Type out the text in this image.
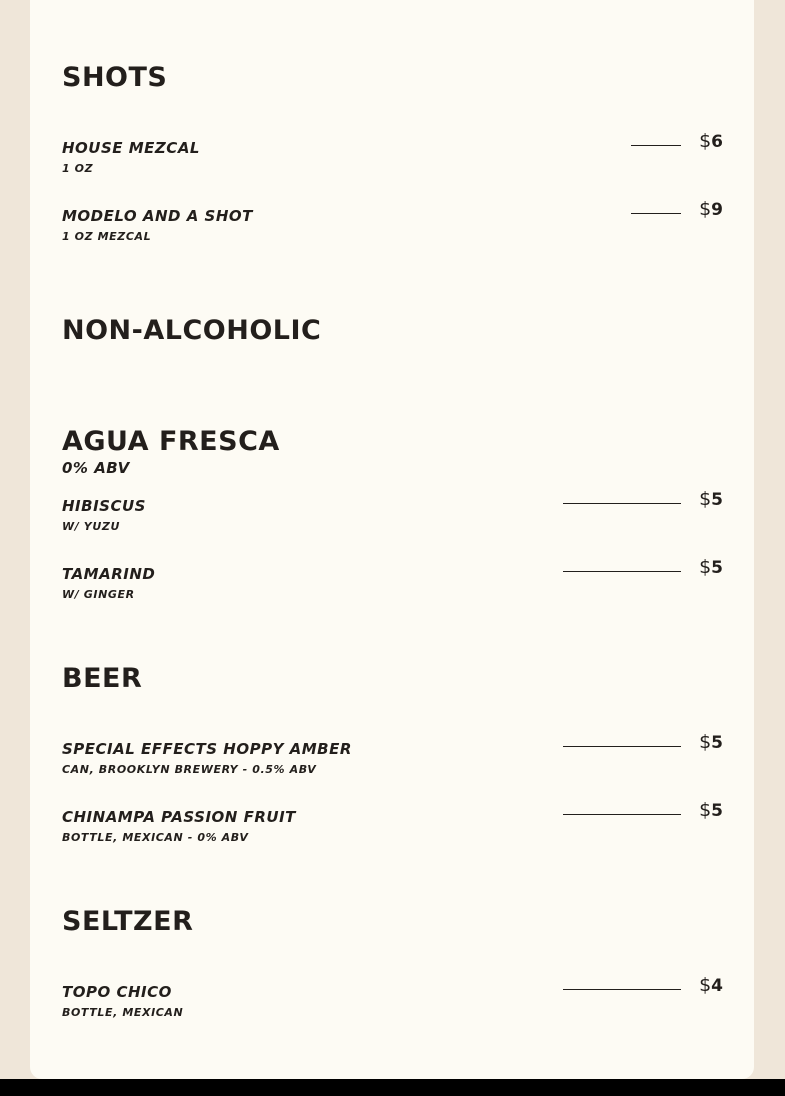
SHOTS
HOUSE MEZCAL
1 OZ
$6
MODELO AND A SHOT
1 OZ MEZCAL
$9
NON-ALCOHOLIC
AGUA FRESCA
0% ABV
HIBISCUS
W/ YUZU
$5
TAMARIND
W/ GINGER
$5
BEER
SPECIAL EFFECTS HOPPY AMBER
CAN, BROOKLYN BREWERY - 0.5% ABV
$5
CHINAMPA PASSION FRUIT
BOTTLE, MEXICAN - 0% ABV
$5
SELTZER
TOPO CHICO
BOTTLE, MEXICAN
$4
